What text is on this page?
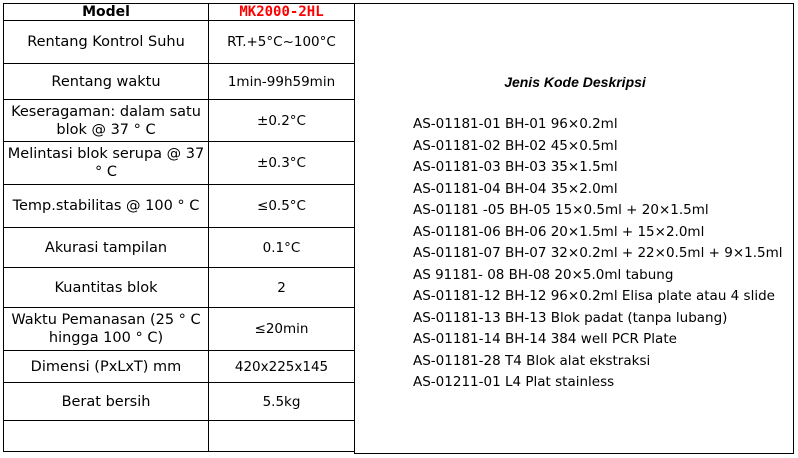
Model	MK2000-2HL
Rentang Kontrol Suhu	RT.+5°C~100°C
Rentang waktu	1min-99h59min
Keseragaman: dalam satu blok @ 37 ° C	±0.2°C
Melintasi blok serupa @ 37 ° C	±0.3°C
Temp.stabilitas @ 100 ° C	≤0.5°C
Akurasi tampilan	0.1°C
Kuantitas blok	2
Waktu Pemanasan (25 ° C hingga 100 ° C)	≤20min
Dimensi (PxLxT) mm	420x225x145
Berat bersih	5.5kg

Jenis Kode Deskripsi
AS-01181-01 BH-01 96×0.2ml
AS-01181-02 BH-02 45×0.5ml
AS-01181-03 BH-03 35×1.5ml
AS-01181-04 BH-04 35×2.0ml
AS-01181 -05 BH-05 15×0.5ml + 20×1.5ml
AS-01181-06 BH-06 20×1.5ml + 15×2.0ml
AS-01181-07 BH-07 32×0.2ml + 22×0.5ml + 9×1.5ml
AS 91181- 08 BH-08 20×5.0ml tabung
AS-01181-12 BH-12 96×0.2ml Elisa plate atau 4 slide
AS-01181-13 BH-13 Blok padat (tanpa lubang)
AS-01181-14 BH-14 384 well PCR Plate
AS-01181-28 T4 Blok alat ekstraksi
AS-01211-01 L4 Plat stainless
